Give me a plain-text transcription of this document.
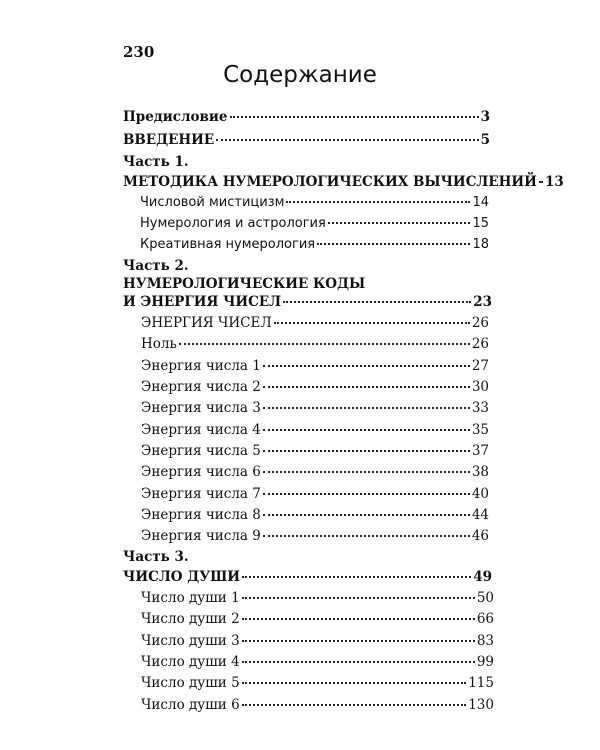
230
Содержание
Предисловие	3
ВВЕДЕНИЕ	5
Часть 1.
МЕТОДИКА НУМЕРОЛОГИЧЕСКИХ ВЫЧИСЛЕНИЙ 13
Числовой мистицизм	14
Нумерология и астрология	15
Креативная нумерология	18
Часть 2.
НУМЕРОЛОГИЧЕСКИЕ КОДЫ
И ЭНЕРГИЯ ЧИСЕЛ	23
ЭНЕРГИЯ ЧИСЕЛ	26
Ноль	26
Энергия числа 1	27
Энергия числа 2	30
Энергия числа 3	33
Энергия числа 4	35
Энергия числа 5	37
Энергия числа 6	38
Энергия числа 7	40
Энергия числа 8	44
Энергия числа 9	46
Часть 3.
ЧИСЛО ДУШИ	49
Число души 1	50
Число души 2	66
Число души 3	83
Число души 4	99
Число души 5	115
Число души 6	130
